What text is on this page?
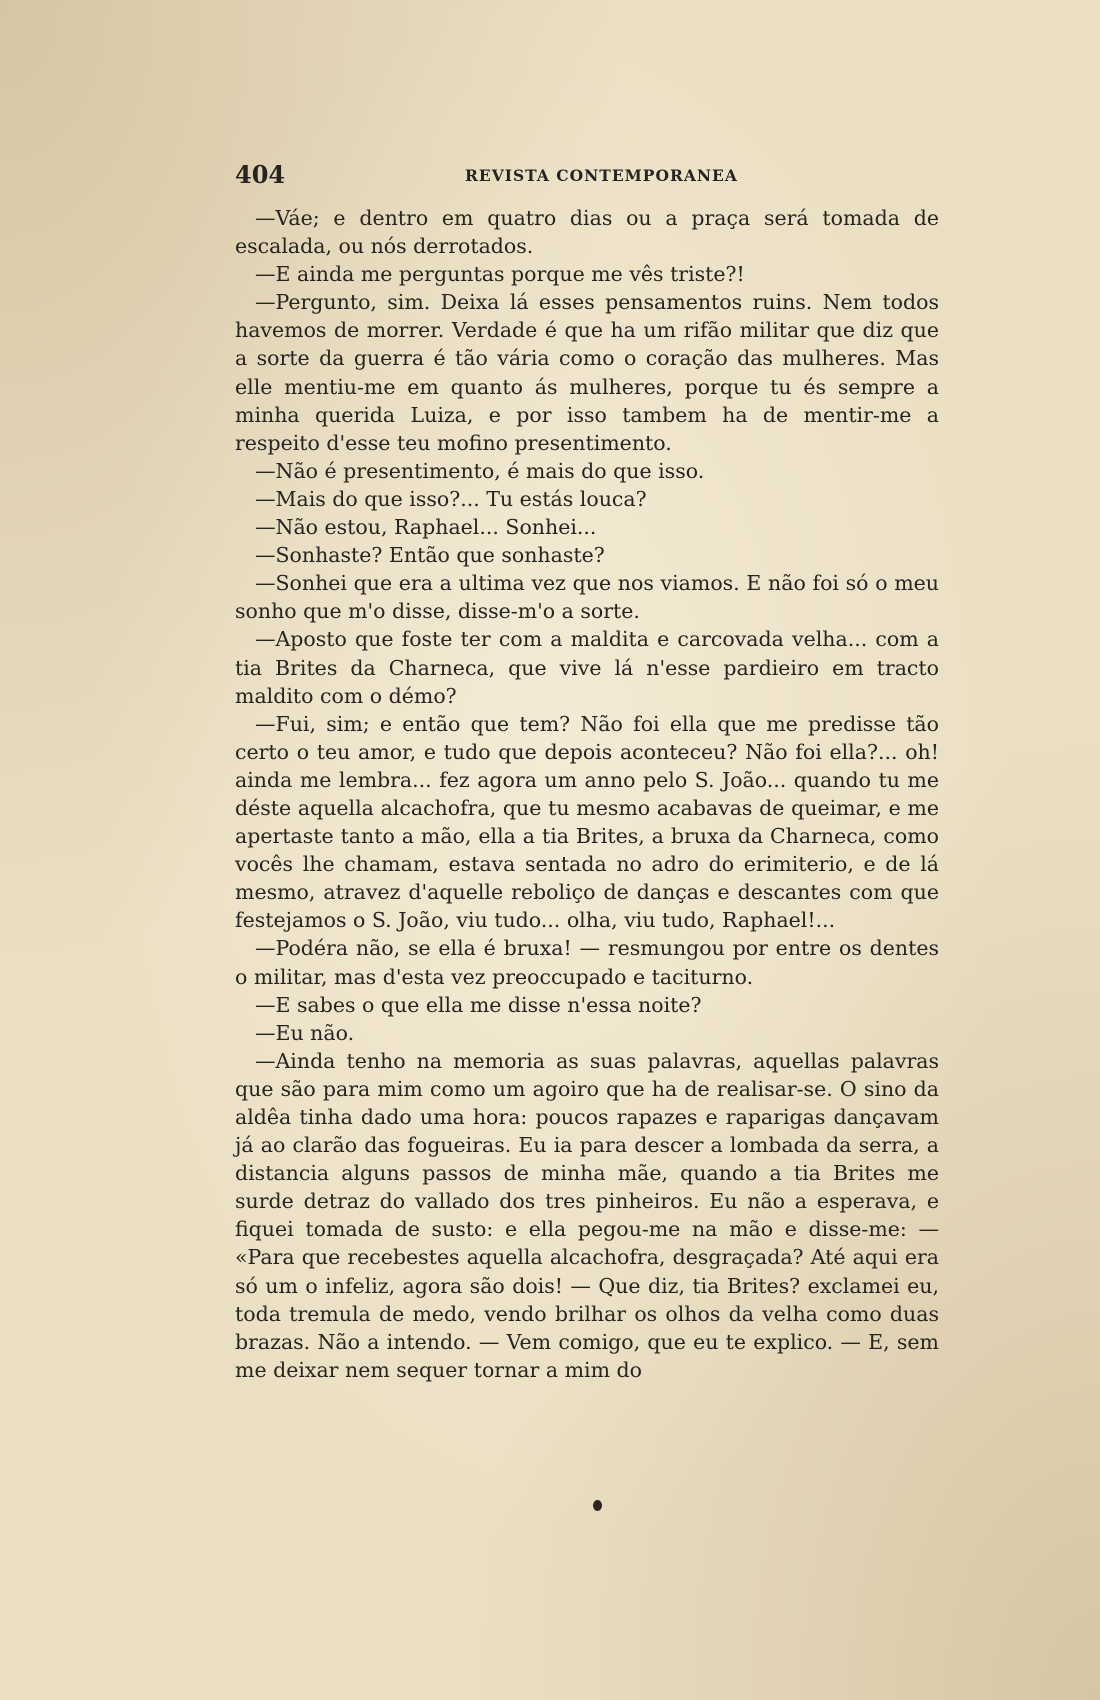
404	REVISTA CONTEMPORANEA

—Váe; e dentro em quatro dias ou a praça será tomada de escalada, ou nós derrotados.

—E ainda me perguntas porque me vês triste?!

—Pergunto, sim. Deixa lá esses pensamentos ruins. Nem todos havemos de morrer. Verdade é que ha um rifão militar que diz que a sorte da guerra é tão vária como o coração das mulheres. Mas elle mentiu-me em quanto ás mulheres, porque tu és sempre a minha querida Luiza, e por isso tambem ha de mentir-me a respeito d'esse teu mofino presentimento.

—Não é presentimento, é mais do que isso.

—Mais do que isso?... Tu estás louca?

—Não estou, Raphael... Sonhei...

—Sonhaste? Então que sonhaste?

—Sonhei que era a ultima vez que nos viamos. E não foi só o meu sonho que m'o disse, disse-m'o a sorte.

—Aposto que foste ter com a maldita e carcovada velha... com a tia Brites da Charneca, que vive lá n'esse pardieiro em tracto maldito com o démo?

—Fui, sim; e então que tem? Não foi ella que me predisse tão certo o teu amor, e tudo que depois aconteceu? Não foi ella?... oh! ainda me lembra... fez agora um anno pelo S. João... quando tu me déste aquella alcachofra, que tu mesmo acabavas de queimar, e me apertaste tanto a mão, ella a tia Brites, a bruxa da Charneca, como vocês lhe chamam, estava sentada no adro do erimiterio, e de lá mesmo, atravez d'aquelle reboliço de danças e descantes com que festejamos o S. João, viu tudo... olha, viu tudo, Raphael!...

—Podéra não, se ella é bruxa! — resmungou por entre os dentes o militar, mas d'esta vez preoccupado e taciturno.

—E sabes o que ella me disse n'essa noite?

—Eu não.

—Ainda tenho na memoria as suas palavras, aquellas palavras que são para mim como um agoiro que ha de realisar-se. O sino da aldêa tinha dado uma hora: poucos rapazes e raparigas dançavam já ao clarão das fogueiras. Eu ia para descer a lombada da serra, a distancia alguns passos de minha mãe, quando a tia Brites me surde detraz do vallado dos tres pinheiros. Eu não a esperava, e fiquei tomada de susto: e ella pegou-me na mão e disse-me: — «Para que recebestes aquella alcachofra, desgraçada? Até aqui era só um o infeliz, agora são dois! — Que diz, tia Brites? exclamei eu, toda tremula de medo, vendo brilhar os olhos da velha como duas brazas. Não a intendo. — Vem comigo, que eu te explico. — E, sem me deixar nem sequer tornar a mim do
